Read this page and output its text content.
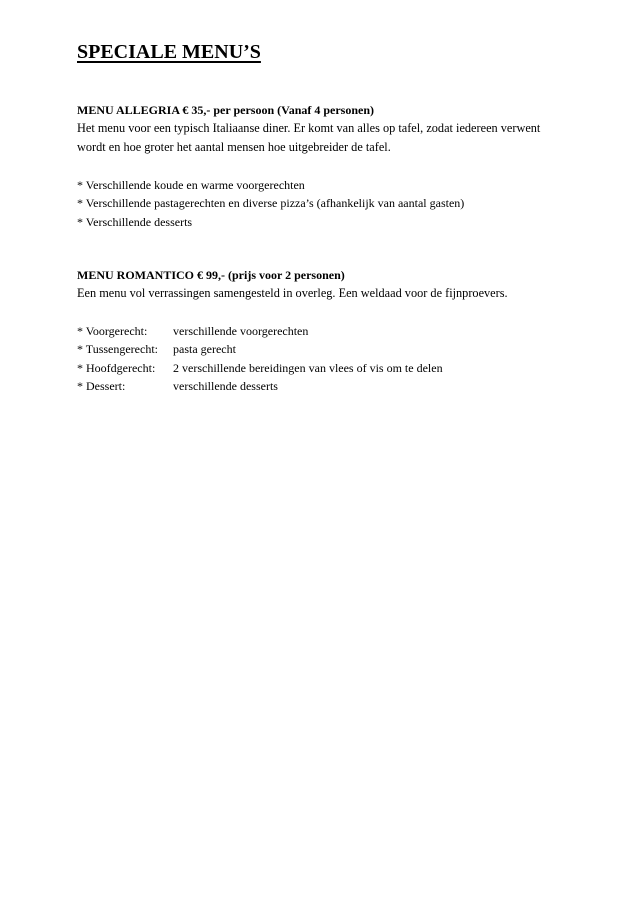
SPECIALE MENU’S
MENU ALLEGRIA € 35,- per persoon (Vanaf 4 personen)
Het menu voor een typisch Italiaanse diner. Er komt van alles op tafel, zodat iedereen verwent
wordt en hoe groter het aantal mensen hoe uitgebreider de tafel.
* Verschillende koude en warme voorgerechten
* Verschillende pastagerechten en diverse pizza’s (afhankelijk van aantal gasten)
* Verschillende desserts
MENU ROMANTICO € 99,- (prijs voor 2 personen)
Een menu vol verrassingen samengesteld in overleg. Een weldaad voor de fijnproevers.
* Voorgerecht:	verschillende voorgerechten
* Tussengerecht:	pasta gerecht
* Hoofdgerecht:	2 verschillende bereidingen van vlees of vis om te delen
* Dessert:	verschillende desserts
